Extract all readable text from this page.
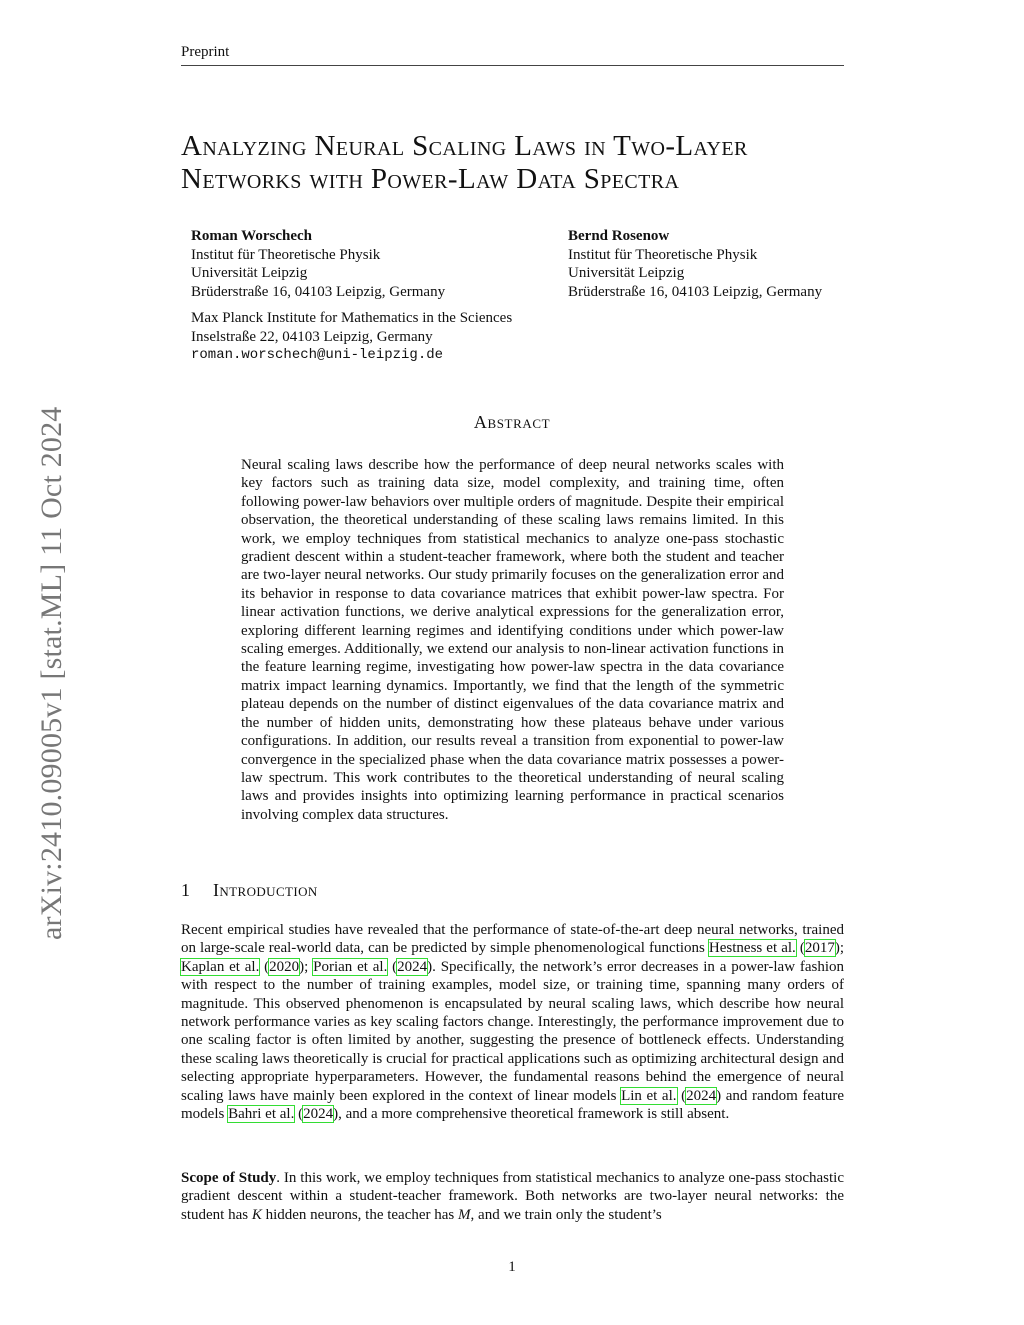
Preprint
Analyzing Neural Scaling Laws in Two-Layer
Networks with Power-Law Data Spectra
Roman Worschech
Institut für Theoretische Physik
Universität Leipzig
Brüderstraße 16, 04103 Leipzig, Germany
Max Planck Institute for Mathematics in the Sciences
Inselstraße 22, 04103 Leipzig, Germany
roman.worschech@uni-leipzig.de
Bernd Rosenow
Institut für Theoretische Physik
Universität Leipzig
Brüderstraße 16, 04103 Leipzig, Germany
arXiv:2410.09005v1 [stat.ML] 11 Oct 2024	Abstract
Neural scaling laws describe how the performance of deep neural networks scales with key factors such as training data size, model complexity, and training time, often following power-law behaviors over multiple orders of magnitude. Despite their empirical observation, the theoretical understanding of these scaling laws remains limited. In this work, we employ techniques from statistical mechanics to analyze one-pass stochastic gradient descent within a student-teacher framework, where both the student and teacher are two-layer neural networks. Our study primarily focuses on the generalization error and its behavior in response to data covariance matrices that exhibit power-law spectra. For linear activation functions, we derive analytical expressions for the generalization error, exploring different learning regimes and identifying conditions under which power-law scaling emerges. Additionally, we extend our analysis to non-linear activation functions in the feature learning regime, investigating how power-law spectra in the data covariance matrix impact learning dynamics. Importantly, we find that the length of the symmetric plateau depends on the number of distinct eigenvalues of the data covariance matrix and the number of hidden units, demonstrating how these plateaus behave under various configurations. In addition, our results reveal a transition from exponential to power-law convergence in the specialized phase when the data covariance matrix possesses a power-law spectrum. This work contributes to the theoretical understanding of neural scaling laws and provides insights into optimizing learning performance in practical scenarios involving complex data structures.
1 Introduction
Recent empirical studies have revealed that the performance of state-of-the-art deep neural networks, trained on large-scale real-world data, can be predicted by simple phenomenological functions Hestness et al. (2017); Kaplan et al. (2020); Porian et al. (2024). Specifically, the network’s error decreases in a power-law fashion with respect to the number of training examples, model size, or training time, spanning many orders of magnitude. This observed phenomenon is encapsulated by neural scaling laws, which describe how neural network performance varies as key scaling factors change. Interestingly, the performance improvement due to one scaling factor is often limited by another, suggesting the presence of bottleneck effects. Understanding these scaling laws theoretically is crucial for practical applications such as optimizing architectural design and selecting appropriate hyperparameters. However, the fundamental reasons behind the emergence of neural scaling laws have mainly been explored in the context of linear models Lin et al. (2024) and random feature models Bahri et al. (2024), and a more comprehensive theoretical framework is still absent.
Scope of Study. In this work, we employ techniques from statistical mechanics to analyze one-pass stochastic gradient descent within a student-teacher framework. Both networks are two-layer neural networks: the student has K hidden neurons, the teacher has M, and we train only the student’s
1
